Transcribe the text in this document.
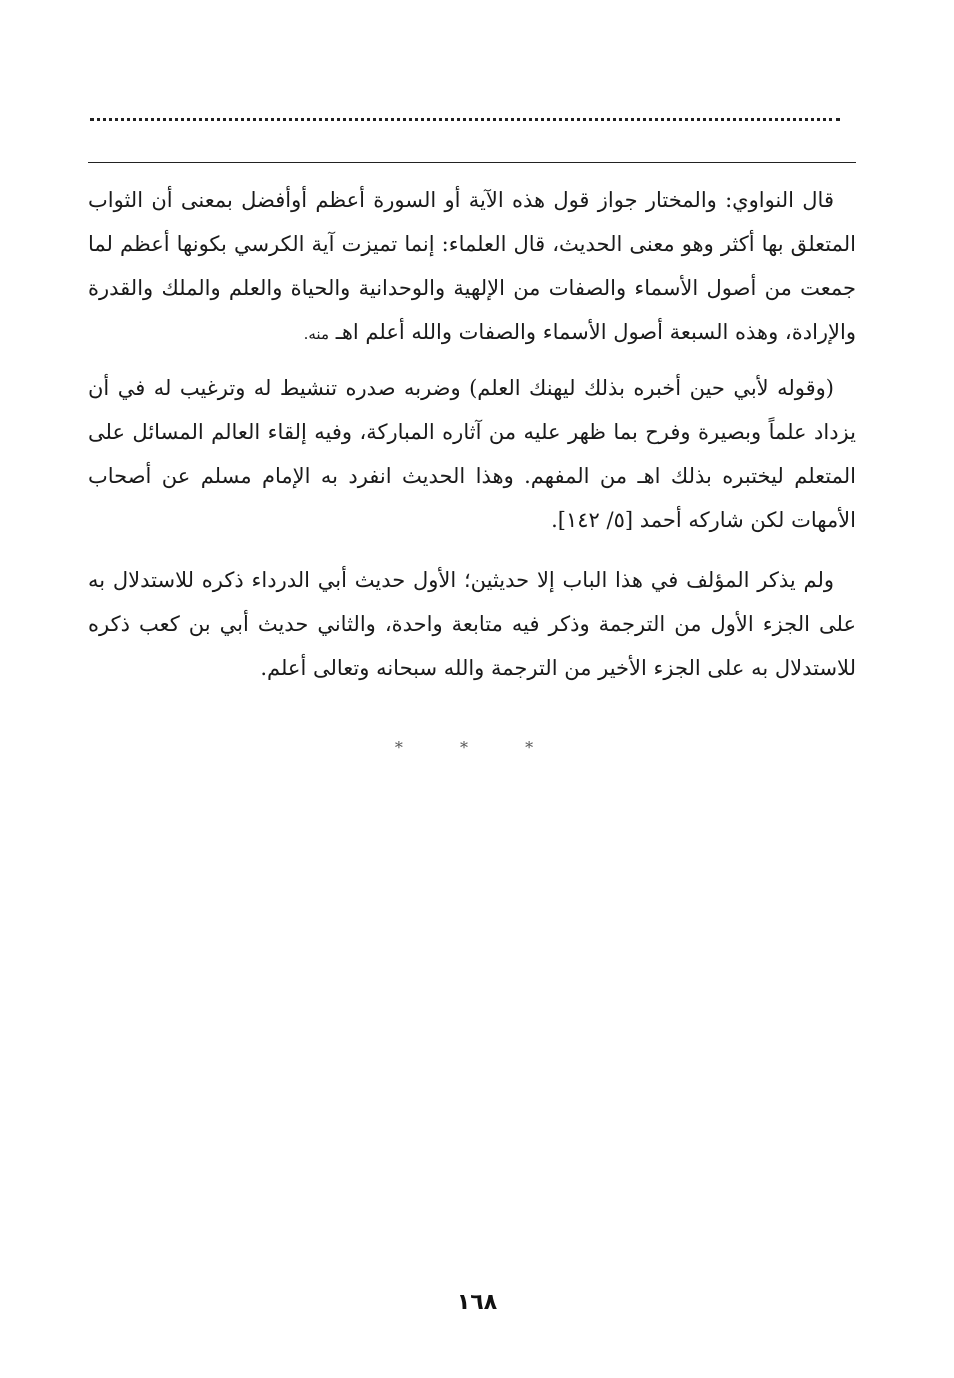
قال النواوي: والمختار جواز قول هذه الآية أو السورة أعظم أوأفضل بمعنى أن الثواب المتعلق بها أكثر وهو معنى الحديث، قال العلماء: إنما تميزت آية الكرسي بكونها أعظم لما جمعت من أصول الأسماء والصفات من الإلهية والوحدانية والحياة والعلم والملك والقدرة والإرادة، وهذه السبعة أصول الأسماء والصفات والله أعلم اهـ منه.

(وقوله لأبي حين أخبره بذلك ليهنك العلم) وضربه صدره تنشيط له وترغيب له في أن يزداد علماً وبصيرة وفرح بما ظهر عليه من آثاره المباركة، وفيه إلقاء العالم المسائل على المتعلم ليختبره بذلك اهـ من المفهم. وهذا الحديث انفرد به الإمام مسلم عن أصحاب الأمهات لكن شاركه أحمد [٥/ ١٤٢].

ولم يذكر المؤلف في هذا الباب إلا حديثين؛ الأول حديث أبي الدرداء ذكره للاستدلال به على الجزء الأول من الترجمة وذكر فيه متابعة واحدة، والثاني حديث أبي بن كعب ذكره للاستدلال به على الجزء الأخير من الترجمة والله سبحانه وتعالى أعلم.

* * *
١٦٨
